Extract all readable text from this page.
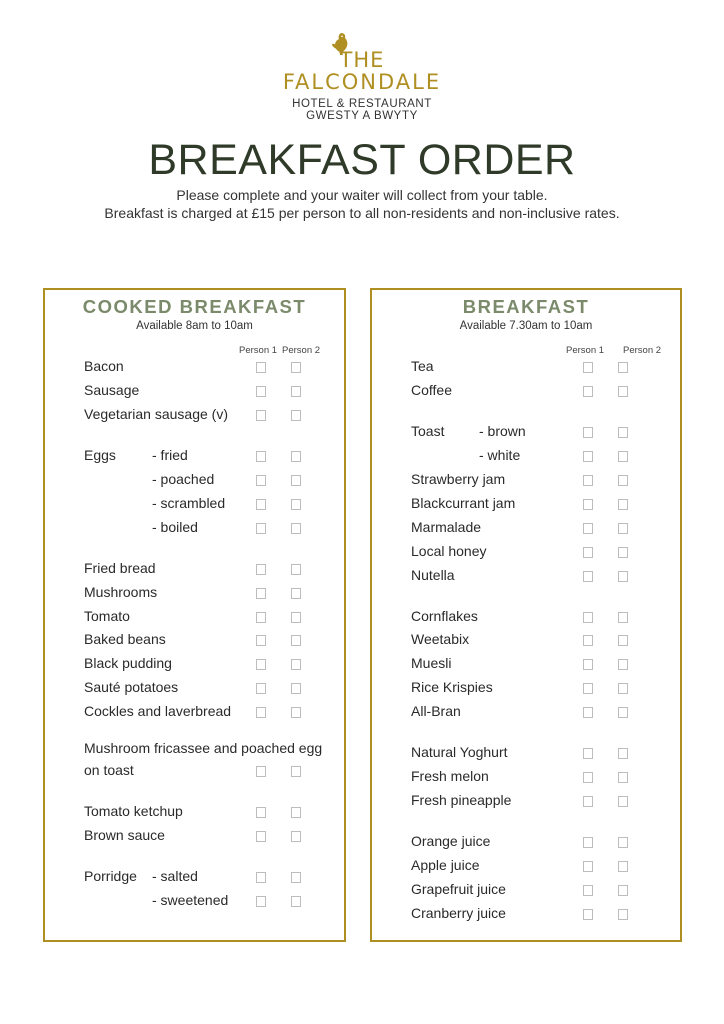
THE
FALCONDALE
HOTEL & RESTAURANT
GWESTY A BWYTY
BREAKFAST ORDER
Please complete and your waiter will collect from your table.
Breakfast is charged at £15 per person to all non-residents and non-inclusive rates.
COOKED BREAKFAST
Available 8am to 10am
Person 1 Person 2
Bacon
Sausage
Vegetarian sausage (v)
Eggs	- fried
- poached
- scrambled
- boiled
Fried bread
Mushrooms
Tomato
Baked beans
Black pudding
Sauté potatoes
Cockles and laverbread
Mushroom fricassee and poached egg
on toast
Tomato ketchup
Brown sauce
Porridge - salted
- sweetened
BREAKFAST
Available 7.30am to 10am
Person 1 Person 2
Tea
Coffee
Toast - brown
- white
Strawberry jam
Blackcurrant jam
Marmalade
Local honey
Nutella
Cornflakes
Weetabix
Muesli
Rice Krispies
All-Bran
Natural Yoghurt
Fresh melon
Fresh pineapple
Orange juice
Apple juice
Grapefruit juice
Cranberry juice
